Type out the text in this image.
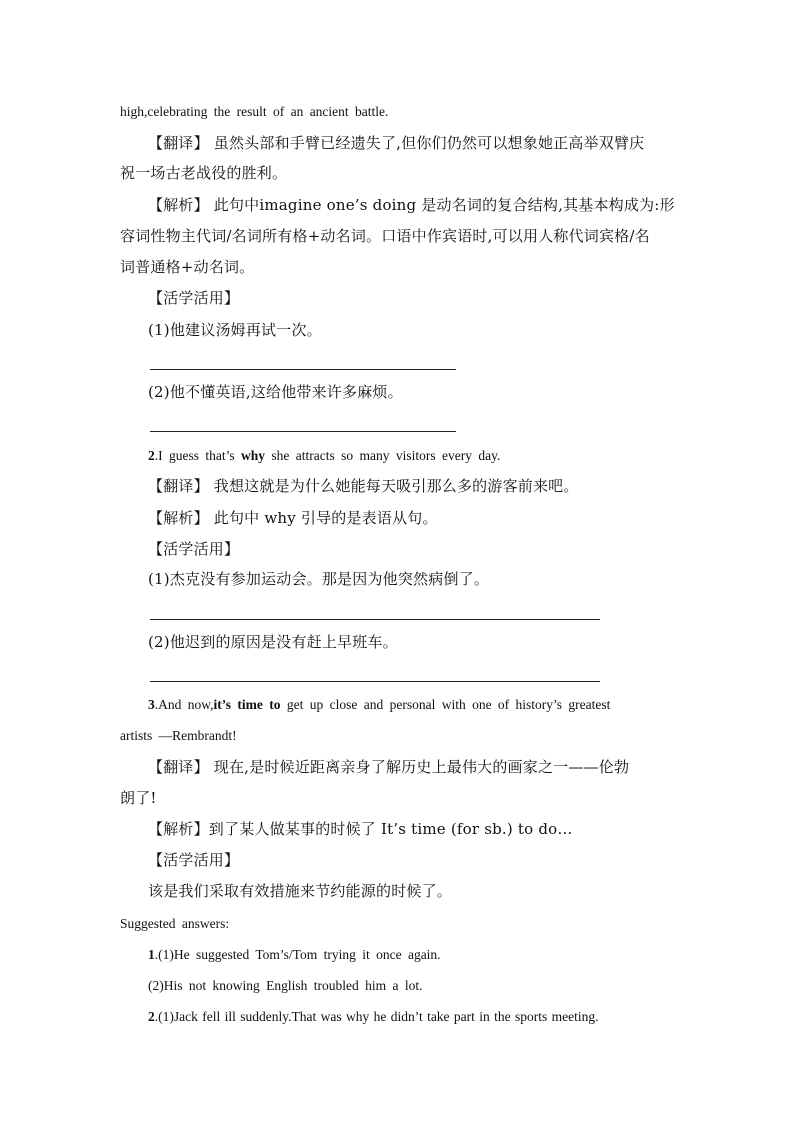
high,celebrating the result of an ancient battle.
【翻译】 虽然头部和手臂已经遗失了,但你们仍然可以想象她正高举双臂庆
祝一场古老战役的胜利。
【解析】 此句中imagine one’s doing 是动名词的复合结构,其基本构成为:形
容词性物主代词/名词所有格+动名词。口语中作宾语时,可以用人称代词宾格/名
词普通格+动名词。
【活学活用】
(1)他建议汤姆再试一次。
(2)他不懂英语,这给他带来许多麻烦。
2.I guess that’s why she attracts so many visitors every day.
【翻译】 我想这就是为什么她能每天吸引那么多的游客前来吧。
【解析】 此句中 why 引导的是表语从句。
【活学活用】
(1)杰克没有参加运动会。那是因为他突然病倒了。
(2)他迟到的原因是没有赶上早班车。
3.And now,it’s time to get up close and personal with one of history’s greatest
artists —Rembrandt!
【翻译】 现在,是时候近距离亲身了解历史上最伟大的画家之一——伦勃
朗了!
【解析】到了某人做某事的时候了 It’s time (for sb.) to do…
【活学活用】
该是我们采取有效措施来节约能源的时候了。
Suggested answers:
1.(1)He suggested Tom’s/Tom trying it once again.
(2)His not knowing English troubled him a lot.
2.(1)Jack fell ill suddenly.That was why he didn’t take part in the sports meeting.
